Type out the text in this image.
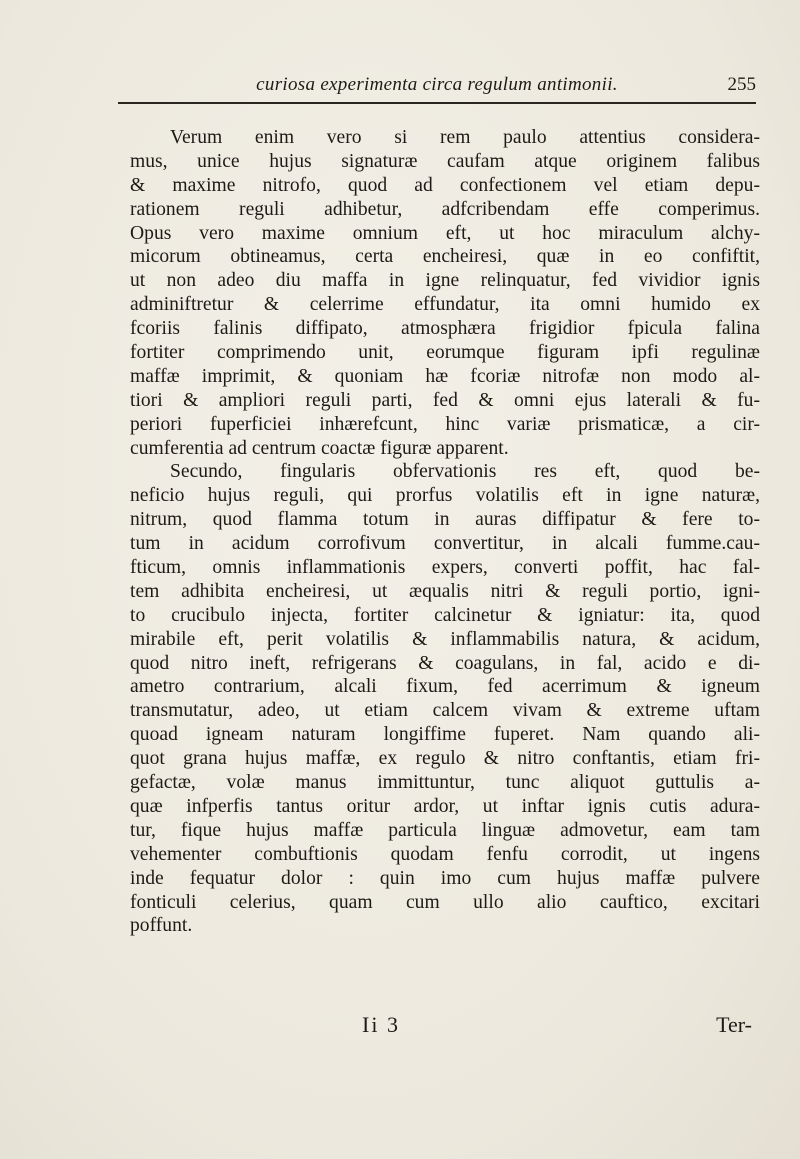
curiosa experimenta circa regulum antimonii.	255
Verum enim vero si rem paulo attentius considera-
mus, unice hujus signaturæ caufam atque originem falibus
& maxime nitrofo, quod ad confectionem vel etiam depu-
rationem reguli adhibetur, adfcribendam effe comperimus.
Opus vero maxime omnium eft, ut hoc miraculum alchy-
micorum obtineamus, certa encheiresi, quæ in eo confiftit,
ut non adeo diu maffa in igne relinquatur, fed vividior ignis
adminiftretur & celerrime effundatur, ita omni humido ex
fcoriis falinis diffipato, atmosphæra frigidior fpicula falina
fortiter comprimendo unit, eorumque figuram ipfi regulinæ
maffæ imprimit, & quoniam hæ fcoriæ nitrofæ non modo al-
tiori & ampliori reguli parti, fed & omni ejus laterali & fu-
periori fuperficiei inhærefcunt, hinc variæ prismaticæ, a cir-
cumferentia ad centrum coactæ figuræ apparent.
Secundo, fingularis obfervationis res eft, quod be-
neficio hujus reguli, qui prorfus volatilis eft in igne naturæ,
nitrum, quod flamma totum in auras diffipatur & fere to-
tum in acidum corrofivum convertitur, in alcali fumme.cau-
fticum, omnis inflammationis expers, converti poffit, hac fal-
tem adhibita encheiresi, ut æqualis nitri & reguli portio, igni-
to crucibulo injecta, fortiter calcinetur & igniatur: ita, quod
mirabile eft, perit volatilis & inflammabilis natura, & acidum,
quod nitro ineft, refrigerans & coagulans, in fal, acido e di-
ametro contrarium, alcali fixum, fed acerrimum & igneum
transmutatur, adeo, ut etiam calcem vivam & extreme uftam
quoad igneam naturam longiffime fuperet. Nam quando ali-
quot grana hujus maffæ, ex regulo & nitro conftantis, etiam fri-
gefactæ, volæ manus immittuntur, tunc aliquot guttulis a-
quæ infperfis tantus oritur ardor, ut inftar ignis cutis adura-
tur, fique hujus maffæ particula linguæ admovetur, eam tam
vehementer combuftionis quodam fenfu corrodit, ut ingens
inde fequatur dolor : quin imo cum hujus maffæ pulvere
fonticuli celerius, quam cum ullo alio cauftico, excitari
poffunt.
Ii 3	Ter-
